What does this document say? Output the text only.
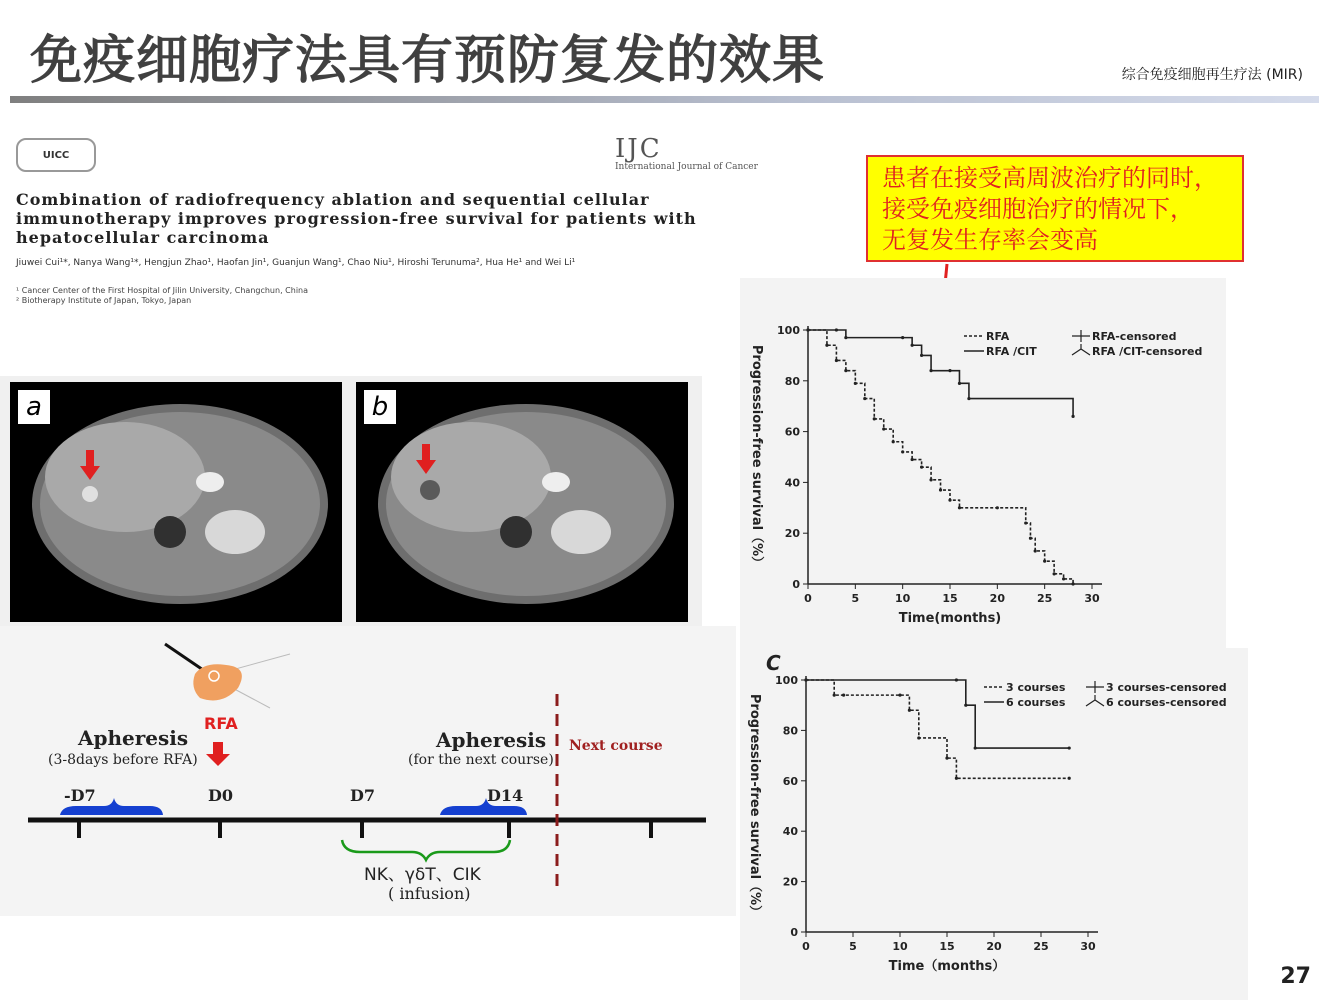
免疫细胞疗法具有预防复发的效果	综合免疫细胞再生疗法 (MIR)
UICC	IJC
International Journal of Cancer
Combination of radiofrequency ablation and sequential cellular immunotherapy improves progression-free survival for patients with hepatocellular carcinoma
Jiuwei Cui¹*, Nanya Wang¹*, Hengjun Zhao¹, Haofan Jin¹, Guanjun Wang¹, Chao Niu¹, Hiroshi Terunuma², Hua He¹ and Wei Li¹
¹ Cancer Center of the First Hospital of Jilin University, Changchun, China
² Biotherapy Institute of Japan, Tokyo, Japan
患者在接受高周波治疗的同时，
接受免疫细胞治疗的情况下，
无复发生存率会变高
a	b
Apheresis
(3-8days before RFA)
RFA
Apheresis
(for the next course)
Next course
-D7	D0	D7	D14
NK、γδT、CIK
( infusion)
0
20
40
60
80
100
0	5	10	15	20	25	30
Time(months)
Progression-free survival（%）
RFA
RFA /CIT
RFA-censored
RFA /CIT-censored
0
20
40
60
80
100
0	5	10	15	20	25	30
Time（months）
Progression-free survival（%）
3 courses
6 courses
3 courses-censored
6 courses-censored
C
27
